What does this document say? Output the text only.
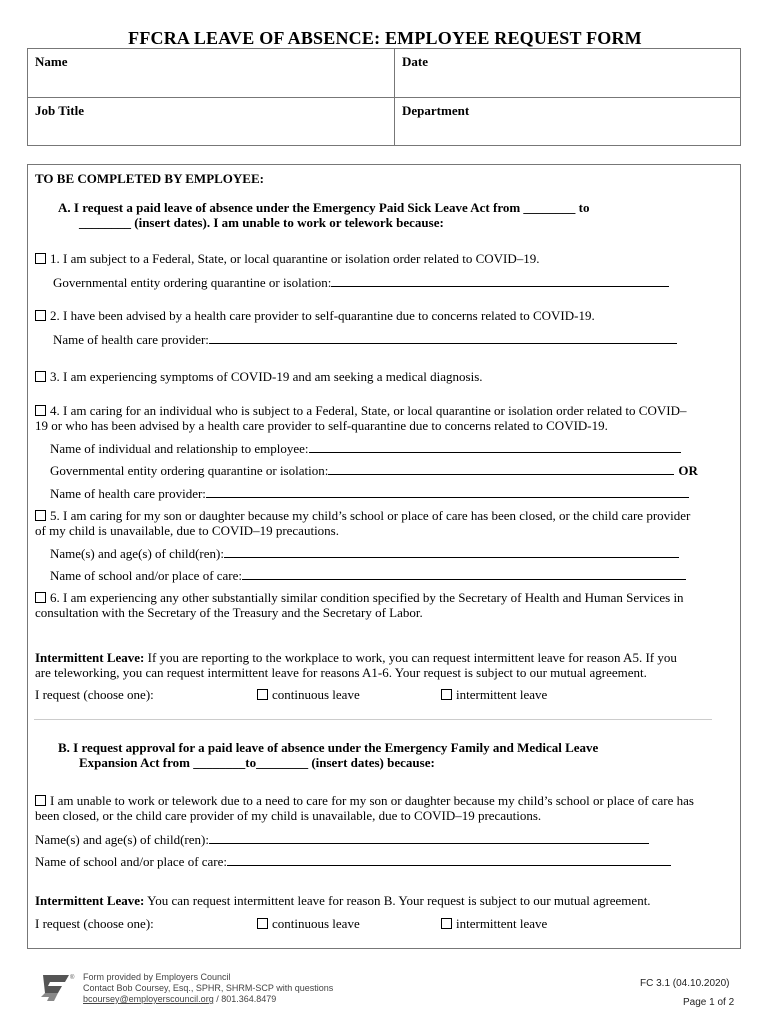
FFCRA LEAVE OF ABSENCE: EMPLOYEE REQUEST FORM
Name	Date
Job Title	Department
TO BE COMPLETED BY EMPLOYEE:
A. I request a paid leave of absence under the Emergency Paid Sick Leave Act from ________ to
________ (insert dates). I am unable to work or telework because:
1. I am subject to a Federal, State, or local quarantine or isolation order related to COVID–19.
Governmental entity ordering quarantine or isolation:
2. I have been advised by a health care provider to self-quarantine due to concerns related to COVID-19.
Name of health care provider:
3. I am experiencing symptoms of COVID-19 and am seeking a medical diagnosis.
4. I am caring for an individual who is subject to a Federal, State, or local quarantine or isolation order related to COVID–
19 or who has been advised by a health care provider to self-quarantine due to concerns related to COVID-19.
Name of individual and relationship to employee:
Governmental entity ordering quarantine or isolation:	OR
Name of health care provider:
5. I am caring for my son or daughter because my child’s school or place of care has been closed, or the child care provider
of my child is unavailable, due to COVID–19 precautions.
Name(s) and age(s) of child(ren):
Name of school and/or place of care:
6. I am experiencing any other substantially similar condition specified by the Secretary of Health and Human Services in
consultation with the Secretary of the Treasury and the Secretary of Labor.
Intermittent Leave: If you are reporting to the workplace to work, you can request intermittent leave for reason A5. If you
are teleworking, you can request intermittent leave for reasons A1-6. Your request is subject to our mutual agreement.
I request (choose one):	continuous leave	intermittent leave
B. I request approval for a paid leave of absence under the Emergency Family and Medical Leave
Expansion Act from ________to________ (insert dates) because:
I am unable to work or telework due to a need to care for my son or daughter because my child’s school or place of care has
been closed, or the child care provider of my child is unavailable, due to COVID–19 precautions.
Name(s) and age(s) of child(ren):
Name of school and/or place of care:
Intermittent Leave: You can request intermittent leave for reason B. Your request is subject to our mutual agreement.
I request (choose one):	continuous leave	intermittent leave
® Form provided by Employers Council
Contact Bob Coursey, Esq., SPHR, SHRM-SCP with questions
bcoursey@employerscouncil.org / 801.364.8479
FC 3.1 (04.10.2020)
Page 1 of 2
